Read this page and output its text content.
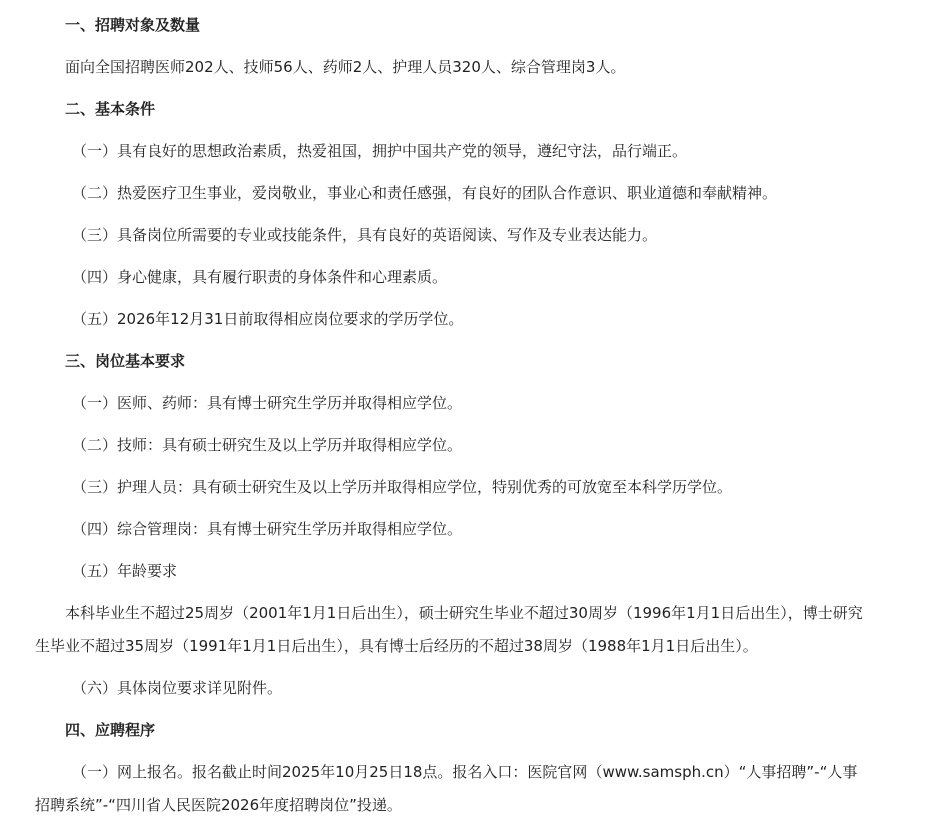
一、招聘对象及数量
面向全国招聘医师202人、技师56人、药师2人、护理人员320人、综合管理岗3人。
二、基本条件
（一）具有良好的思想政治素质，热爱祖国，拥护中国共产党的领导，遵纪守法，品行端正。
（二）热爱医疗卫生事业，爱岗敬业，事业心和责任感强，有良好的团队合作意识、职业道德和奉献精神。
（三）具备岗位所需要的专业或技能条件，具有良好的英语阅读、写作及专业表达能力。
（四）身心健康，具有履行职责的身体条件和心理素质。
（五）2026年12月31日前取得相应岗位要求的学历学位。
三、岗位基本要求
（一）医师、药师：具有博士研究生学历并取得相应学位。
（二）技师：具有硕士研究生及以上学历并取得相应学位。
（三）护理人员：具有硕士研究生及以上学历并取得相应学位，特别优秀的可放宽至本科学历学位。
（四）综合管理岗：具有博士研究生学历并取得相应学位。
（五）年龄要求
本科毕业生不超过25周岁（2001年1月1日后出生），硕士研究生毕业不超过30周岁（1996年1月1日后出生），博士研究
生毕业不超过35周岁（1991年1月1日后出生），具有博士后经历的不超过38周岁（1988年1月1日后出生）。
（六）具体岗位要求详见附件。
四、应聘程序
（一）网上报名。报名截止时间2025年10月25日18点。报名入口：医院官网（www.samsph.cn）“人事招聘”-“人事
招聘系统”-“四川省人民医院2026年度招聘岗位”投递。
